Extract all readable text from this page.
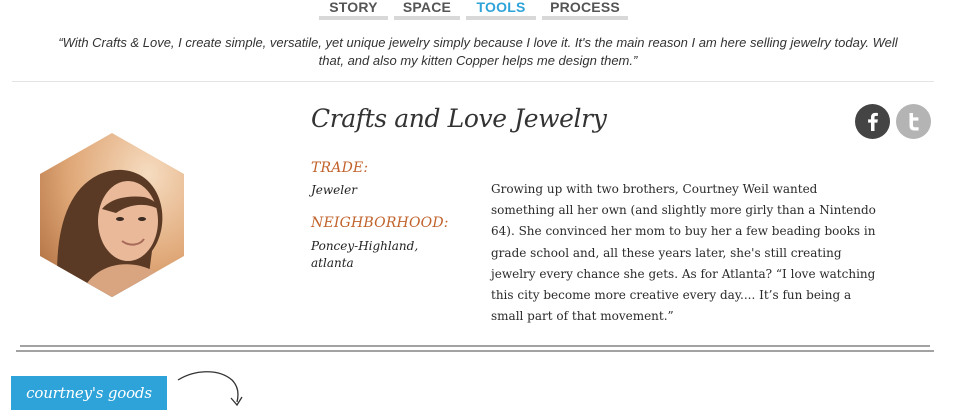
STORY	SPACE	TOOLS	PROCESS

“With Crafts & Love, I create simple, versatile, yet unique jewelry simply because I love it. It's the main reason I am here selling jewelry today. Well that, and also my kitten Copper helps me design them.”

Crafts and Love Jewelry
TRADE:
Jeweler
NEIGHBORHOOD:
Poncey-Highland, atlanta

Growing up with two brothers, Courtney Weil wanted something all her own (and slightly more girly than a Nintendo 64). She convinced her mom to buy her a few beading books in grade school and, all these years later, she's still creating jewelry every chance she gets. As for Atlanta? “I love watching this city become more creative every day.... It’s fun being a small part of that movement.”

courtney's goods
